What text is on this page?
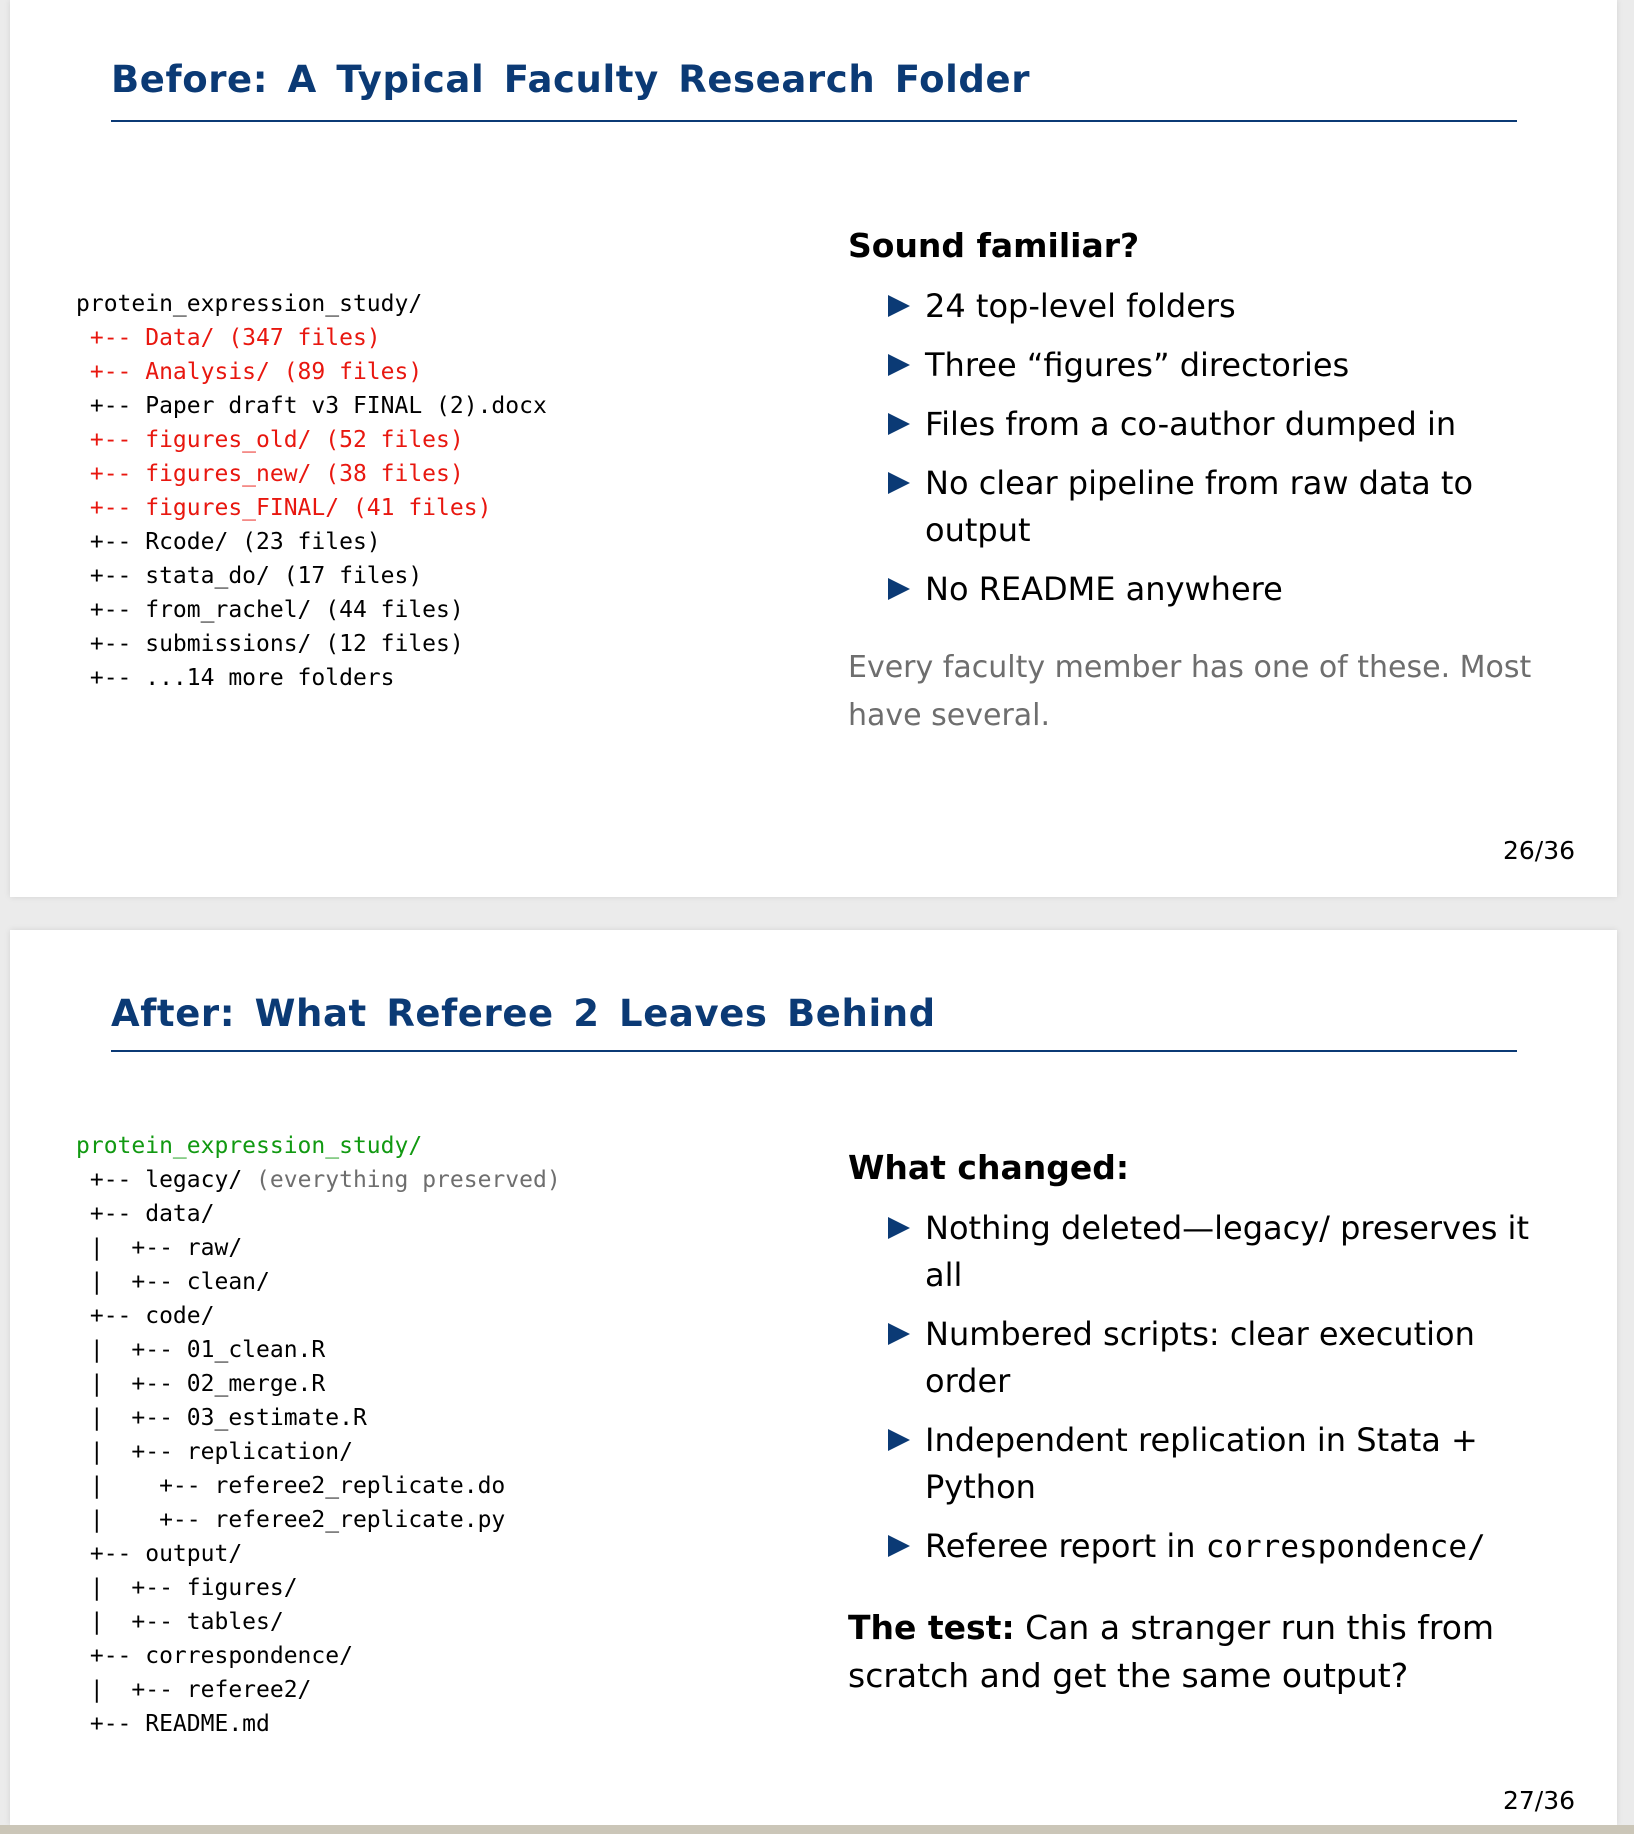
Before: A Typical Faculty Research Folder
protein_expression_study/
+-- Data/ (347 files)
+-- Analysis/ (89 files)
+-- Paper draft v3 FINAL (2).docx
+-- figures_old/ (52 files)
+-- figures_new/ (38 files)
+-- figures_FINAL/ (41 files)
+-- Rcode/ (23 files)
+-- stata_do/ (17 files)
+-- from_rachel/ (44 files)
+-- submissions/ (12 files)
+-- ...14 more folders
Sound familiar?
24 top-level folders
Three “figures” directories
Files from a co-author dumped in
No clear pipeline from raw data to output
No README anywhere

Every faculty member has one of these. Most have several.

26/36
After: What Referee 2 Leaves Behind
protein_expression_study/
+-- legacy/ (everything preserved)
+-- data/
|  +-- raw/
|  +-- clean/
+-- code/
|  +-- 01_clean.R
|  +-- 02_merge.R
|  +-- 03_estimate.R
|  +-- replication/
|    +-- referee2_replicate.do
|    +-- referee2_replicate.py
+-- output/
|  +-- figures/
|  +-- tables/
+-- correspondence/
|  +-- referee2/
+-- README.md
What changed:
Nothing deleted—legacy/ preserves it all
Numbered scripts: clear execution order
Independent replication in Stata + Python
Referee report in correspondence/

The test: Can a stranger run this from scratch and get the same output?

27/36
